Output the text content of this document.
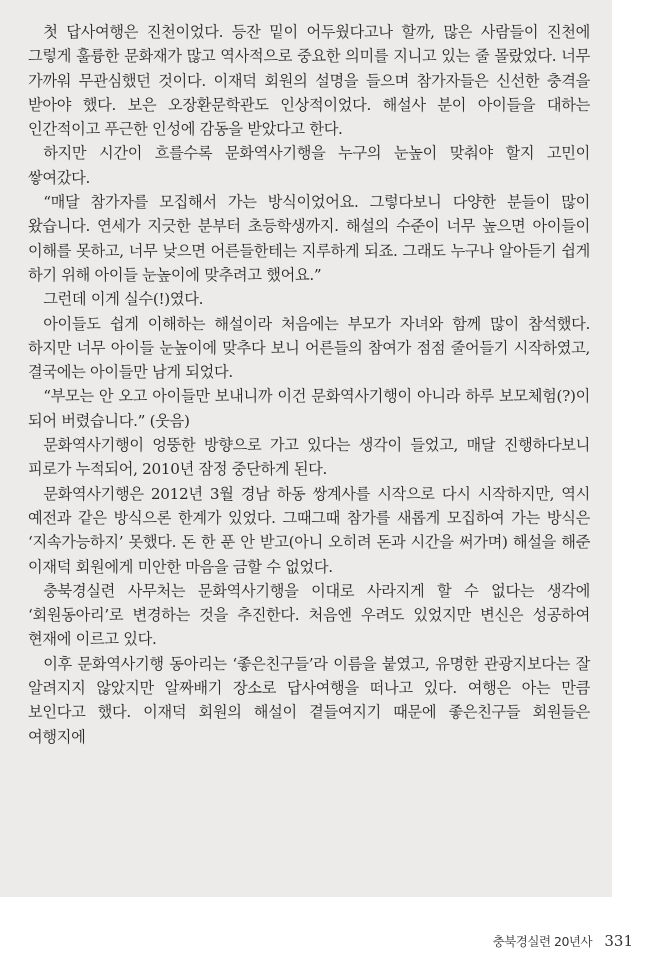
첫 답사여행은 진천이었다. 등잔 밑이 어두웠다고나 할까, 많은 사람들이 진천에 그렇게 훌륭한 문화재가 많고 역사적으로 중요한 의미를 지니고 있는 줄 몰랐었다. 너무 가까워 무관심했던 것이다. 이재덕 회원의 설명을 들으며 참가자들은 신선한 충격을 받아야 했다. 보은 오장환문학관도 인상적이었다. 해설사 분이 아이들을 대하는 인간적이고 푸근한 인성에 감동을 받았다고 한다.

하지만 시간이 흐를수록 문화역사기행을 누구의 눈높이 맞춰야 할지 고민이 쌓여갔다.

“매달 참가자를 모집해서 가는 방식이었어요. 그렇다보니 다양한 분들이 많이 왔습니다. 연세가 지긋한 분부터 초등학생까지. 해설의 수준이 너무 높으면 아이들이 이해를 못하고, 너무 낮으면 어른들한테는 지루하게 되죠. 그래도 누구나 알아듣기 쉽게 하기 위해 아이들 눈높이에 맞추려고 했어요.”

그런데 이게 실수(!)였다.

아이들도 쉽게 이해하는 해설이라 처음에는 부모가 자녀와 함께 많이 참석했다. 하지만 너무 아이들 눈높이에 맞추다 보니 어른들의 참여가 점점 줄어들기 시작하였고, 결국에는 아이들만 남게 되었다.

“부모는 안 오고 아이들만 보내니까 이건 문화역사기행이 아니라 하루 보모체험(?)이 되어 버렸습니다.” (웃음)

문화역사기행이 엉뚱한 방향으로 가고 있다는 생각이 들었고, 매달 진행하다보니 피로가 누적되어, 2010년 잠정 중단하게 된다.

문화역사기행은 2012년 3월 경남 하동 쌍계사를 시작으로 다시 시작하지만, 역시 예전과 같은 방식으론 한계가 있었다. 그때그때 참가를 새롭게 모집하여 가는 방식은 ‘지속가능하지’ 못했다. 돈 한 푼 안 받고(아니 오히려 돈과 시간을 써가며) 해설을 해준 이재덕 회원에게 미안한 마음을 금할 수 없었다.

충북경실련 사무처는 문화역사기행을 이대로 사라지게 할 수 없다는 생각에 ‘회원동아리’로 변경하는 것을 추진한다. 처음엔 우려도 있었지만 변신은 성공하여 현재에 이르고 있다.

이후 문화역사기행 동아리는 ‘좋은친구들’라 이름을 붙였고, 유명한 관광지보다는 잘 알려지지 않았지만 알짜배기 장소로 답사여행을 떠나고 있다. 여행은 아는 만큼 보인다고 했다. 이재덕 회원의 해설이 곁들여지기 때문에 좋은친구들 회원들은 여행지에

충북경실련 20년사 331
